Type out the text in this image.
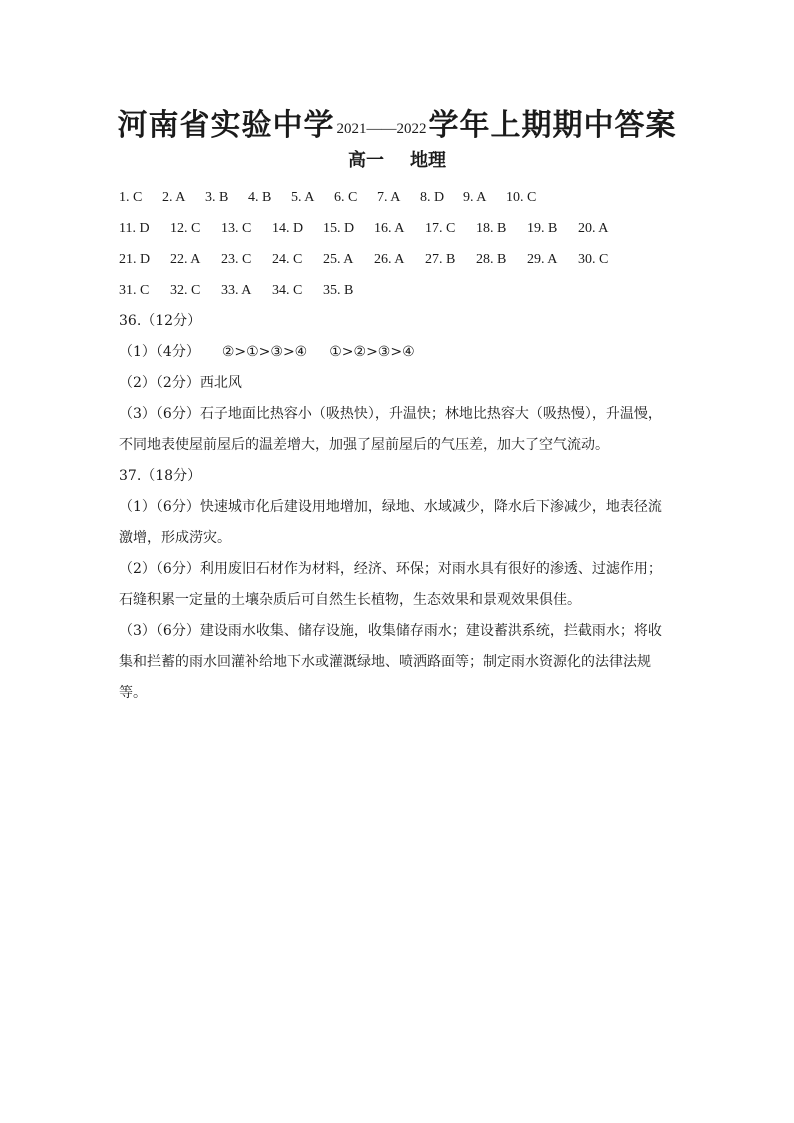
河南省实验中学 2021——2022学年上期期中答案
高一 地理
1. C 2. A 3. B 4. B 5. A 6. C 7. A 8. D 9. A 10. C
11. D 12. C 13. C 14. D 15. D 16. A 17. C 18. B 19. B 20. A
21. D 22. A 23. C 24. C 25. A 26. A 27. B 28. B 29. A 30. C
31. C 32. C 33. A 34. C 35. B
36.（12分）
（1）（4分） ②>①>③>④ ①>②>③>④
（2）（2分）西北风
（3）（6分）石子地面比热容小（吸热快），升温快；林地比热容大（吸热慢），升温慢，
不同地表使屋前屋后的温差增大，加强了屋前屋后的气压差，加大了空气流动。
37.（18分）
（1）（6分）快速城市化后建设用地增加，绿地、水域减少，降水后下渗减少，地表径流
激增，形成涝灾。
（2）（6分）利用废旧石材作为材料，经济、环保；对雨水具有很好的渗透、过滤作用；
石缝积累一定量的土壤杂质后可自然生长植物，生态效果和景观效果俱佳。
（3）（6分）建设雨水收集、储存设施，收集储存雨水；建设蓄洪系统，拦截雨水；将收
集和拦蓄的雨水回灌补给地下水或灌溉绿地、喷洒路面等；制定雨水资源化的法律法规
等。
